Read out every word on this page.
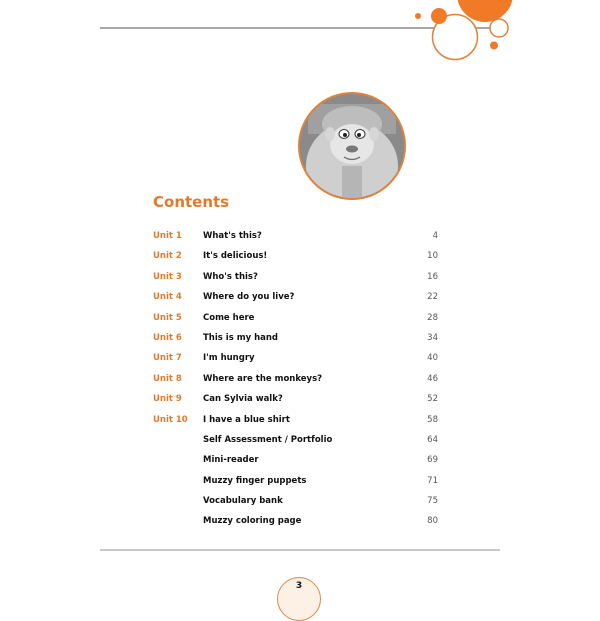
Contents
Unit 1 What's this?	4
Unit 2 It's delicious!	10
Unit 3 Who's this?	16
Unit 4 Where do you live?	22
Unit 5 Come here	28
Unit 6 This is my hand	34
Unit 7 I'm hungry	40
Unit 8 Where are the monkeys?	46
Unit 9 Can Sylvia walk?	52
Unit 10 I have a blue shirt	58
Self Assessment / Portfolio	64
Mini-reader	69
Muzzy finger puppets	71
Vocabulary bank	75
Muzzy coloring page	80
3
